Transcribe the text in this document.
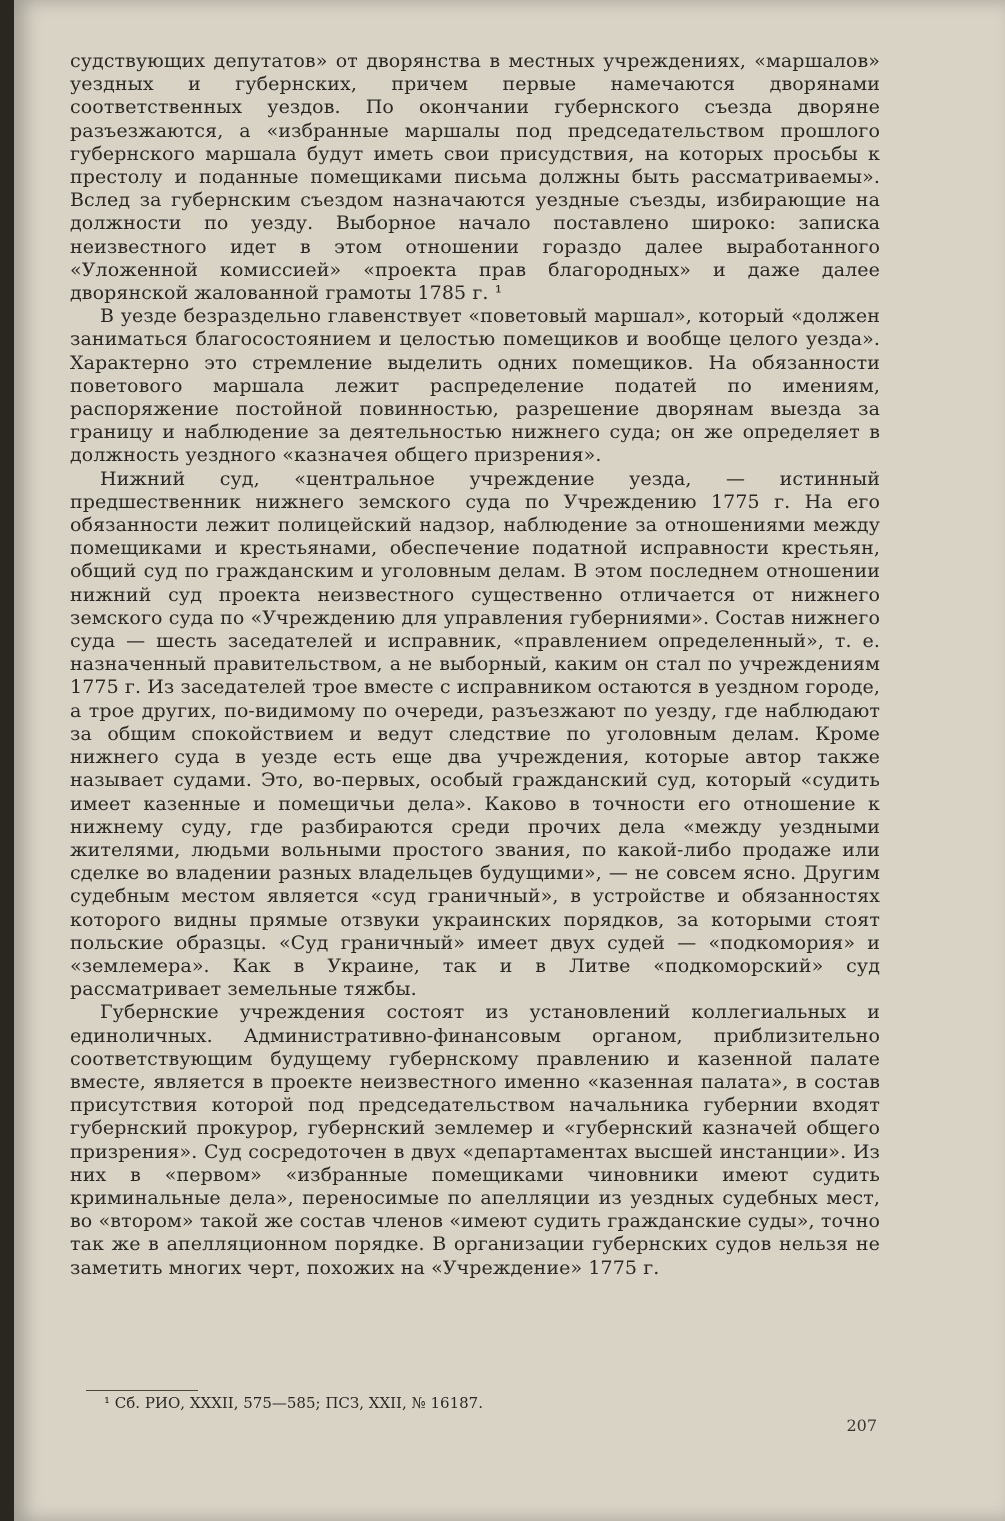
судствующих депутатов» от дворянства в местных учреждениях, «маршалов» уездных и губернских, причем первые намечаются дворянами соответственных уездов. По окончании губернского съезда дворяне разъезжаются, а «избранные маршалы под председательством прошлого губернского маршала будут иметь свои присудствия, на которых просьбы к престолу и поданные помещиками письма должны быть рассматриваемы». Вслед за губернским съездом назначаются уездные съезды, избирающие на должности по уезду. Выборное начало поставлено широко: записка неизвестного идет в этом отношении гораздо далее выработанного «Уложенной комиссией» «проекта прав благородных» и даже далее дворянской жалованной грамоты 1785 г. ¹

В уезде безраздельно главенствует «поветовый маршал», который «должен заниматься благосостоянием и целостью помещиков и вообще целого уезда». Характерно это стремление выделить одних помещиков. На обязанности поветового маршала лежит распределение податей по имениям, распоряжение постойной повинностью, разрешение дворянам выезда за границу и наблюдение за деятельностью нижнего суда; он же определяет в должность уездного «казначея общего призрения».

Нижний суд, «центральное учреждение уезда, — истинный предшественник нижнего земского суда по Учреждению 1775 г. На его обязанности лежит полицейский надзор, наблюдение за отношениями между помещиками и крестьянами, обеспечение податной исправности крестьян, общий суд по гражданским и уголовным делам. В этом последнем отношении нижний суд проекта неизвестного существенно отличается от нижнего земского суда по «Учреждению для управления губерниями». Состав нижнего суда — шесть заседателей и исправник, «правлением определенный», т. е. назначенный правительством, а не выборный, каким он стал по учреждениям 1775 г. Из заседателей трое вместе с исправником остаются в уездном городе, а трое других, по-видимому по очереди, разъезжают по уезду, где наблюдают за общим спокойствием и ведут следствие по уголовным делам. Кроме нижнего суда в уезде есть еще два учреждения, которые автор также называет судами. Это, во-первых, особый гражданский суд, который «судить имеет казенные и помещичьи дела». Каково в точности его отношение к нижнему суду, где разбираются среди прочих дела «между уездными жителями, людьми вольными простого звания, по какой-либо продаже или сделке во владении разных владельцев будущими», — не совсем ясно. Другим судебным местом является «суд граничный», в устройстве и обязанностях которого видны прямые отзвуки украинских порядков, за которыми стоят польские образцы. «Суд граничный» имеет двух судей — «подкомория» и «землемера». Как в Украине, так и в Литве «подкоморский» суд рассматривает земельные тяжбы.

Губернские учреждения состоят из установлений коллегиальных и единоличных. Административно-финансовым органом, приблизительно соответствующим будущему губернскому правлению и казенной палате вместе, является в проекте неизвестного именно «казенная палата», в состав присутствия которой под председательством начальника губернии входят губернский прокурор, губернский землемер и «губернский казначей общего призрения». Суд сосредоточен в двух «департаментах высшей инстанции». Из них в «первом» «избранные помещиками чиновники имеют судить криминальные дела», переносимые по апелляции из уездных судебных мест, во «втором» такой же состав членов «имеют судить гражданские суды», точно так же в апелляционном порядке. В организации губернских судов нельзя не заметить многих черт, похожих на «Учреждение» 1775 г.

¹ Сб. РИО, XXXII, 575—585; ПСЗ, XXII, № 16187.
207
